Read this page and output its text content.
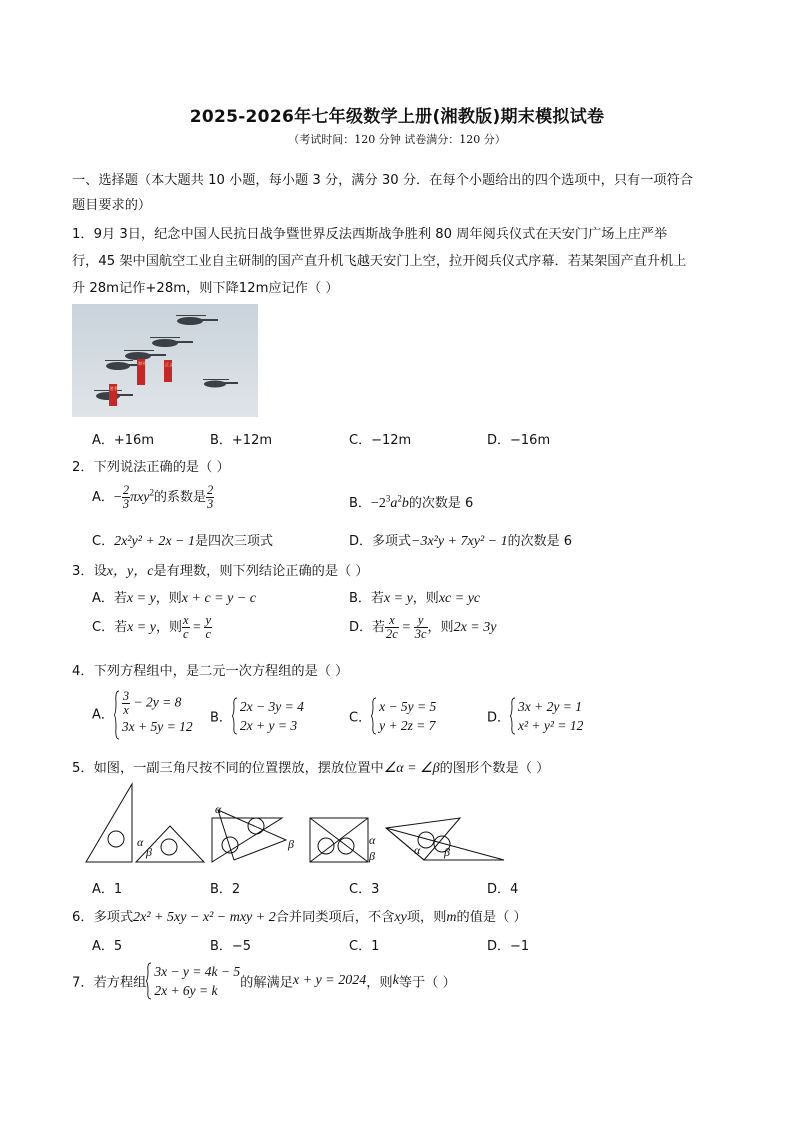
2025-2026年七年级数学上册(湘教版)期末模拟试卷
（考试时间：120 分钟 试卷满分：120 分）
一、选择题（本大题共 10 小题，每小题 3 分，满分 30 分．在每个小题给出的四个选项中，只有一项符合
题目要求的）
1．9月 3日，纪念中国人民抗日战争暨世界反法西斯战争胜利 80 周年阅兵仪式在天安门广场上庄严举
行，45 架中国航空工业自主研制的国产直升机飞越天安门上空，拉开阅兵仪式序幕．若某架国产直升机上
升 28m记作+28m，则下降12m应记作（ ）
胜利
和平	正义
A．+16m	B．+12m	C．−12m	D．−16m
2．下列说法正确的是（ ）
A．− $\frac{2}{3} \pi xy^2$的系数是 $\frac{2}{3}$	B．$-2^3a^2b$的次数是 6
C．2x²y² + 2x − 1是四次三项式	D．多项式−3x²y + 7xy² − 1的次数是 6
3．设x，y，c是有理数，则下列结论正确的是（ ）
A．若x = y，则x + c = y − c	B．若x = y，则xc = yc
C．若x = y，则 $\frac{x}{c} = \frac{y}{c}$	D．若 $\frac{x}{2c} = \frac{y}{3c}$ ，则2x = 3y
4．下列方程组中，是二元一次方程组的是（ ）
A． $\frac{3}{x} - 2y = 8$
3x + 5y = 12
B．
2x − 3y = 4
2x + y = 3	C．
x − 5y = 5
y + 2z = 7	D．
3x + 2y = 1
x² + y² = 12
5．如图，一副三角尺按不同的位置摆放，摆放位置中∠α = ∠β的图形个数是（ ）
α
β
α
β	α
β	α β
A．1	B．2	C．3	D．4
6．多项式2x² + 5xy − x² − mxy + 2合并同类项后，不含xy项，则m的值是（ ）
A．5	B．−5	C．1	D．−1
7．若方程组
3x − y = 4k − 5
2x + 6y = k	的解满足x + y = 2024，则k等于（ ）
